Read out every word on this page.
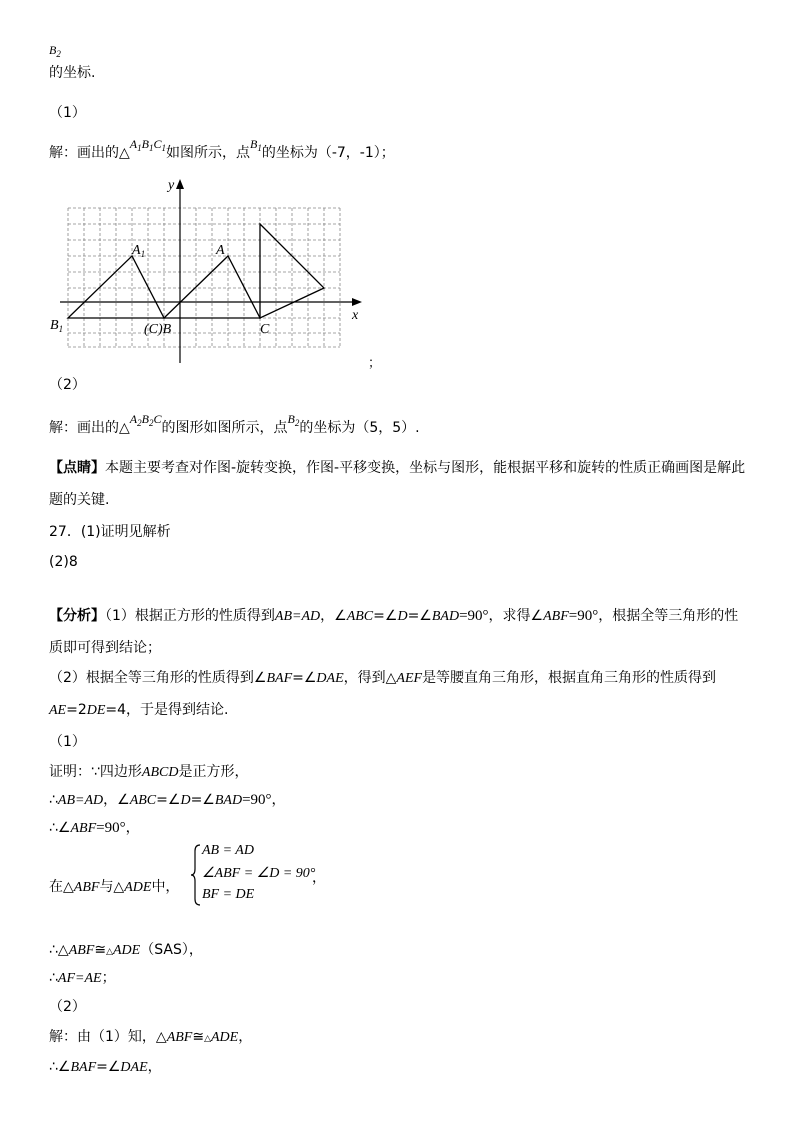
$B_2$
的坐标.
（1）
解：画出的$\triangle A_1B_1C_1$如图所示，点$B_1$的坐标为（-7，-1）；
y
x
$A_1$	A
$B_1$	(C)B	C
；
（2）
解：画出的$\triangle A_2B_2C$的图形如图所示，点$B_2$的坐标为（5，5）.
【点睛】本题主要考查对作图-旋转变换，作图-平移变换，坐标与图形，能根据平移和旋转的性质正确画图是解此
题的关键.
27．(1)证明见解析
(2)8
【分析】（1）根据正方形的性质得到AB=AD，∠ABC=∠D=∠BAD=90°，求得∠ABF=90°，根据全等三角形的性
质即可得到结论；
（2）根据全等三角形的性质得到∠BAF=∠DAE，得到△AEF是等腰直角三角形，根据直角三角形的性质得到
AE=2DE=4，于是得到结论.
（1）
证明：∵四边形ABCD是正方形，
∴AB=AD，∠ABC=∠D=∠BAD=90°，
∴∠ABF=90°，
在△ABF与△ADE中，
AB = AD
∠ABF = ∠D = 90°
BF = DE
，
∴△ABF≅△ADE（SAS），
∴AF=AE；
（2）
解：由（1）知，△ABF≅△ADE，
∴∠BAF=∠DAE，
